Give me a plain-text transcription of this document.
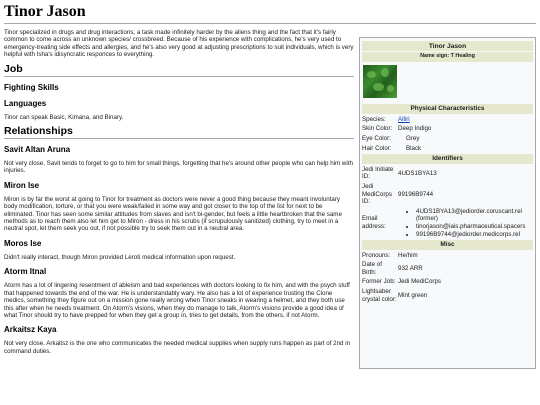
Tinor Jason

Tinor specialized in drugs and drug interactions, a task made infinitely harder by the aliens thing and the fact that it's fairly common to come across an unknown species/ crossbreed. Because of his experience with complications, he's very used to emergency-treating side effects and allergies, and he's also very good at adjusting prescriptions to suit individuals, which is very helpful with Isha's idisyncratic responces to everything.

Job
Fighting Skills
Languages

Tinor can speak Basic, Kimana, and Binary.

Relationships
Savit Altan Aruna

Not very close, Savit tends to forget to go to him for small things, forgetting that he's around other people who can help him with injuries.

Miron Ise

Miron is by far the worst at going to Tinor for treatment as doctors were never a good thing because they meant involuntary body modification, torture, or that you were weak/failed in some way and got closer to the top of the list for next to be eliminated. Tinor has seen some similar attitudes from slaves and isn't bi-gender, but feels a little heartbroken that the same methods as to reach them also let him get to Miron - dress in his scrubs (if scrupulously sanitized) clothing, try to meet in a neutral spot, let them seek you out, if not possible try to seek them out in a neutral area.

Moros Ise

Didn't really interact, though Miron provided Leroti medical information upon request.

Atorm Itnal

Atorm has a lot of lingering resentment of ableism and bad experiences with doctors looking to fix him, and with the psych stuff that happened towards the end of the war. He is understandably wary. He also has a lot of experience trusting the Clone medics, something they figure out on a mission gone really wrong when Tinor sneaks in wearing a helmet, and they both use this after when he needs treatment. On Atorm's visions, when they do manage to talk, Atorm's visions provide a good idea of what Tinor should try to have prepped for when they get a group in, tries to get details, from the others, if not Atorm.

Arkaitsz Kaya

Not very close. Arkaitsz is the one who communicates the needed medical supplies when supply runs happen as part of 2nd in command duties.

Tinor Jason
Name sign: T Healing
Physical Characteristics
Species:	Alliri
Skin Color: Deep Indigo
Eye Color:	Grey
Hair Color:	Black
Identifiers
Jedi Initiate ID:
4UDS1BYA13
Jedi MediCorps ID:
99196B9744
Email address:
• 4UDS1BYA13@jediorder.coruscant.rel (former)
• tinorjason@iais.pharmaceutical.spacers
• 99196B9744@jediorder.medicorps.rel
Misc
Pronouns:	He/him
Date of Birth:
932 ARR
Former Job: Jedi MediCorps
Lightsaber crystal color:
Mint green
